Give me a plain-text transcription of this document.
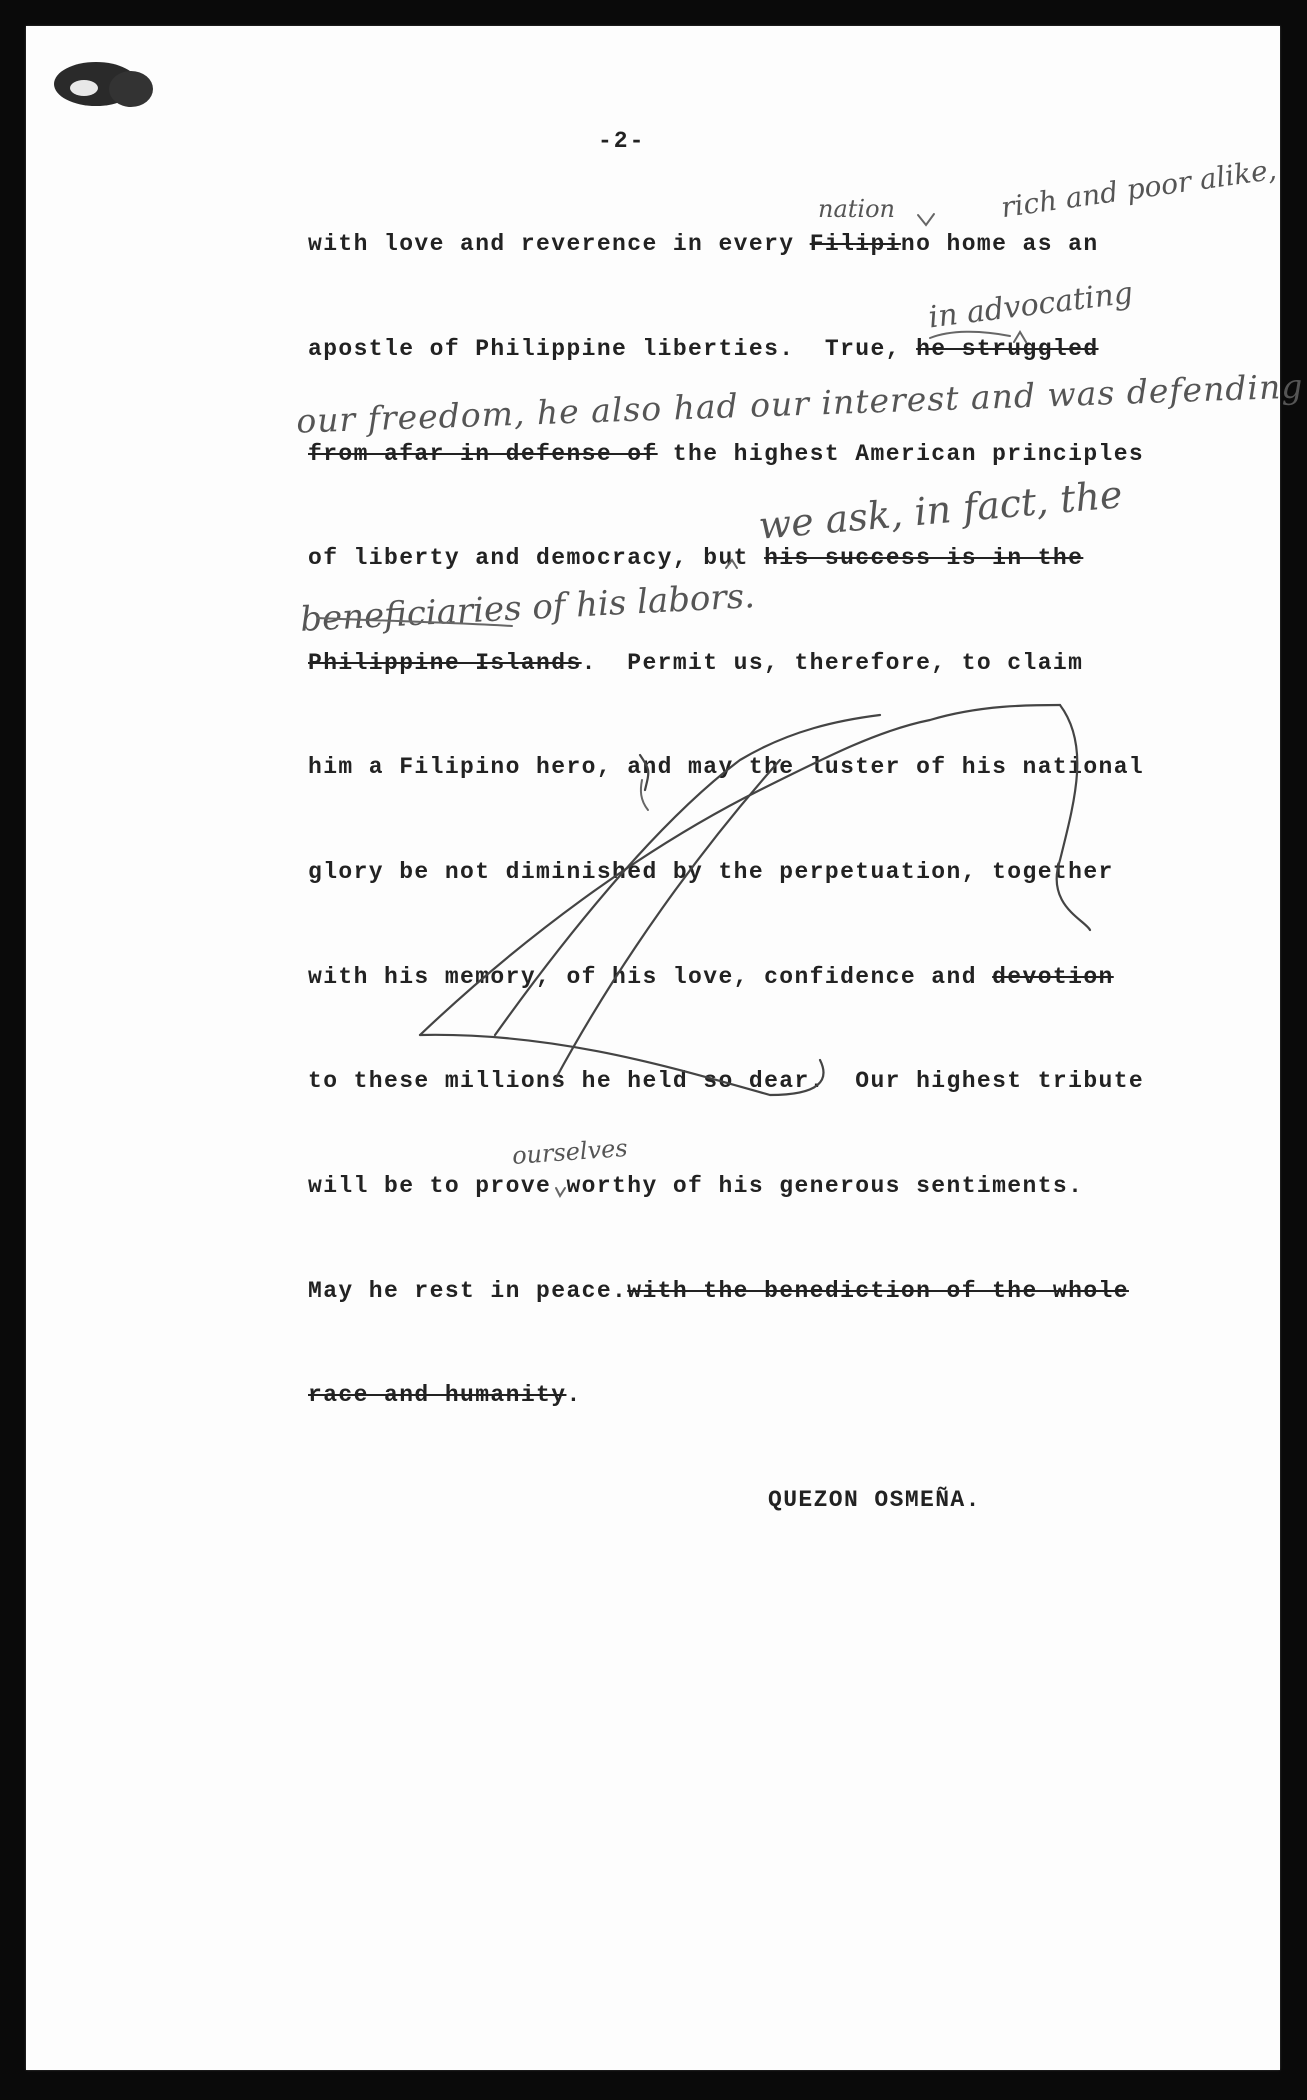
-2-
with love and reverence in every Filipino home as an
apostle of Philippine liberties.  True, he struggled
from afar in defense of the highest American principles
of liberty and democracy, but his success is in the
Philippine Islands.  Permit us, therefore, to claim
him a Filipino hero, and may the luster of his national
glory be not diminished by the perpetuation, together
with his memory, of his love, confidence and devotion
to these millions he held so dear.  Our highest tribute
will be to prove worthy of his generous sentiments.
May he rest in peace.with the benediction of the whole
race and humanity.
nation	rich and poor alike,
in advocating
our freedom, he also had our interest and was defending
we ask, in fact, the
beneficiaries of his labors.
ourselves
QUEZON OSMEÑA.
